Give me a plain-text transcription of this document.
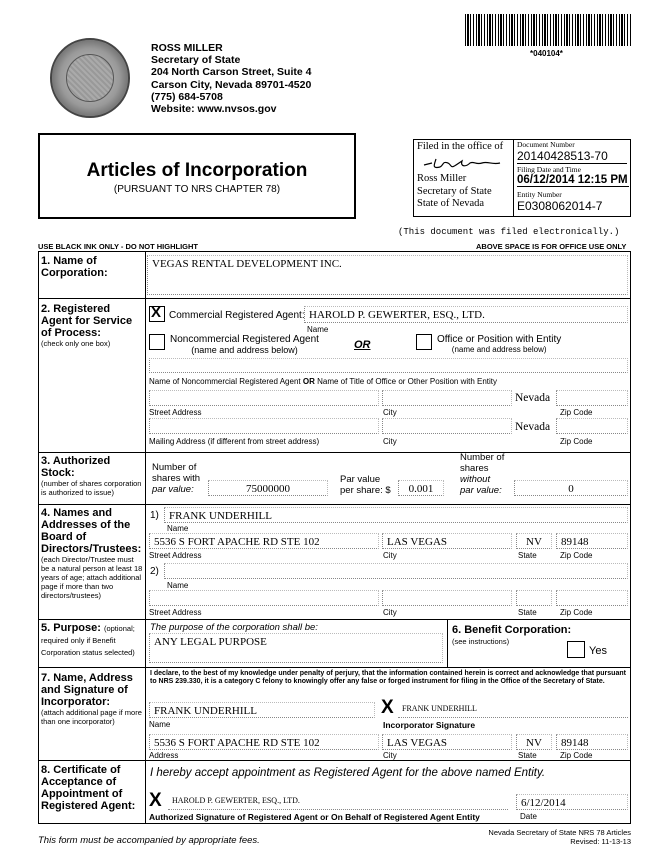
ROSS MILLER
Secretary of State
204 North Carson Street, Suite 4
Carson City, Nevada 89701-4520
(775) 684-5708
Website: www.nvsos.gov
*040104*
Articles of Incorporation
(PURSUANT TO NRS CHAPTER 78)
Filed in the office of
Ross Miller
Secretary of State
State of Nevada
Document Number
20140428513-70
Filing Date and Time
06/12/2014 12:15 PM
Entity Number
E0308062014-7
(This document was filed electronically.)
USE BLACK INK ONLY - DO NOT HIGHLIGHT	ABOVE SPACE IS FOR OFFICE USE ONLY
1. Name of Corporation:
VEGAS RENTAL DEVELOPMENT INC.
2. Registered Agent for Service of Process:
(check only one box)
X
Commercial Registered Agent: HAROLD P. GEWERTER, ESQ., LTD.
Name
Noncommercial Registered Agent
(name and address below)	OR	Office or Position with Entity
(name and address below)
Name of Noncommercial Registered Agent OR Name of Title of Office or Other Position with Entity
Nevada
Street Address	City	Zip Code
Nevada
Mailing Address (if different from street address)	City	Zip Code
3. Authorized Stock:
(number of shares corporation is authorized to issue)
Number of
shares with
par value:	75000000
Par value
per share: $	0.001
Number of
shares
without
par value:	0
4. Names and Addresses of the Board of Directors/Trustees:
(each Director/Trustee must be a natural person at least 18 years of age; attach additional page if more than two directors/trustees)
1) FRANK UNDERHILL
Name
5536 S FORT APACHE RD STE 102	LAS VEGAS	NV	89148
Street Address	City	State	Zip Code
2)
Name
Street Address	City	State	Zip Code
5. Purpose: (optional; required only if Benefit Corporation status selected)
The purpose of the corporation shall be:
ANY LEGAL PURPOSE
6. Benefit Corporation:
(see instructions)
Yes
7. Name, Address and Signature of Incorporator:
(attach additional page if more than one incorporator)
I declare, to the best of my knowledge under penalty of perjury, that the information contained herein is correct and acknowledge that pursuant to NRS 239.330, it is a category C felony to knowingly offer any false or forged instrument for filing in the Office of the Secretary of State.
FRANK UNDERHILL	X	FRANK UNDERHILL
Name	Incorporator Signature
5536 S FORT APACHE RD STE 102	LAS VEGAS	NV	89148
Address	City	State	Zip Code
8. Certificate of Acceptance of Appointment of Registered Agent:
I hereby accept appointment as Registered Agent for the above named Entity.
X	HAROLD P. GEWERTER, ESQ., LTD.
Authorized Signature of Registered Agent or On Behalf of Registered Agent Entity
6/12/2014
Date
This form must be accompanied by appropriate fees.
Nevada Secretary of State NRS 78 Articles
Revised: 11-13-13
